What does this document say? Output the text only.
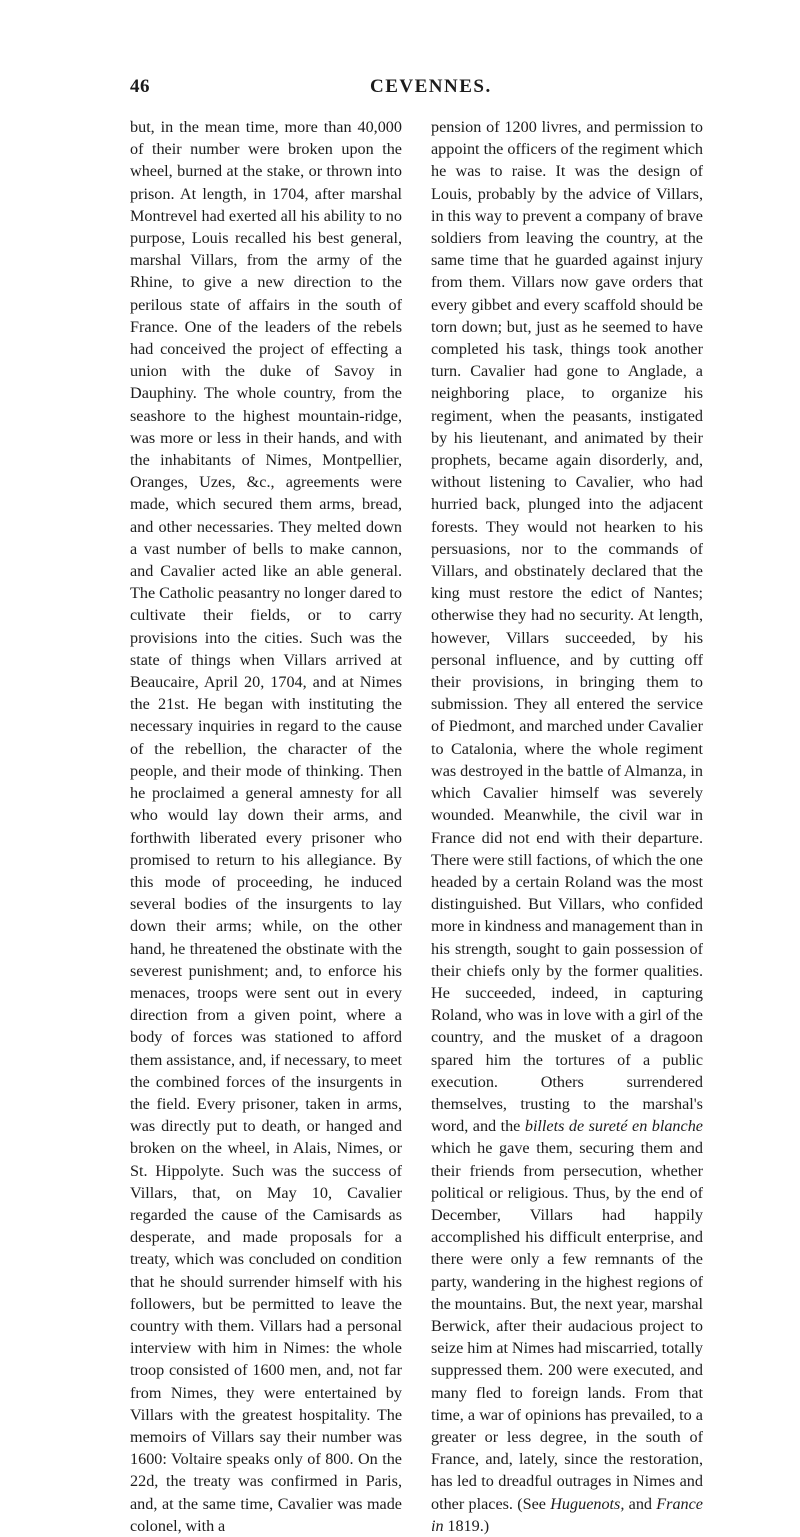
46	CEVENNES.

but, in the mean time, more than 40,000 of their number were broken upon the wheel, burned at the stake, or thrown into prison. At length, in 1704, after marshal Montrevel had exerted all his ability to no purpose, Louis recalled his best general, marshal Villars, from the army of the Rhine, to give a new direction to the perilous state of affairs in the south of France. One of the leaders of the rebels had conceived the project of effecting a union with the duke of Savoy in Dauphiny. The whole country, from the seashore to the highest mountain-ridge, was more or less in their hands, and with the inhabitants of Nimes, Montpellier, Oranges, Uzes, &c., agreements were made, which secured them arms, bread, and other necessaries. They melted down a vast number of bells to make cannon, and Cavalier acted like an able general. The Catholic peasantry no longer dared to cultivate their fields, or to carry provisions into the cities. Such was the state of things when Villars arrived at Beaucaire, April 20, 1704, and at Nimes the 21st. He began with instituting the necessary inquiries in regard to the cause of the rebellion, the character of the people, and their mode of thinking. Then he proclaimed a general amnesty for all who would lay down their arms, and forthwith liberated every prisoner who promised to return to his allegiance. By this mode of proceeding, he induced several bodies of the insurgents to lay down their arms; while, on the other hand, he threatened the obstinate with the severest punishment; and, to enforce his menaces, troops were sent out in every direction from a given point, where a body of forces was stationed to afford them assistance, and, if necessary, to meet the combined forces of the insurgents in the field. Every prisoner, taken in arms, was directly put to death, or hanged and broken on the wheel, in Alais, Nimes, or St. Hippolyte. Such was the success of Villars, that, on May 10, Cavalier regarded the cause of the Camisards as desperate, and made proposals for a treaty, which was concluded on condition that he should surrender himself with his followers, but be permitted to leave the country with them. Villars had a personal interview with him in Nimes: the whole troop consisted of 1600 men, and, not far from Nimes, they were entertained by Villars with the greatest hospitality. The memoirs of Villars say their number was 1600: Voltaire speaks only of 800. On the 22d, the treaty was confirmed in Paris, and, at the same time, Cavalier was made colonel, with a

pension of 1200 livres, and permission to appoint the officers of the regiment which he was to raise. It was the design of Louis, probably by the advice of Villars, in this way to prevent a company of brave soldiers from leaving the country, at the same time that he guarded against injury from them. Villars now gave orders that every gibbet and every scaffold should be torn down; but, just as he seemed to have completed his task, things took another turn. Cavalier had gone to Anglade, a neighboring place, to organize his regiment, when the peasants, instigated by his lieutenant, and animated by their prophets, became again disorderly, and, without listening to Cavalier, who had hurried back, plunged into the adjacent forests. They would not hearken to his persuasions, nor to the commands of Villars, and obstinately declared that the king must restore the edict of Nantes; otherwise they had no security. At length, however, Villars succeeded, by his personal influence, and by cutting off their provisions, in bringing them to submission. They all entered the service of Piedmont, and marched under Cavalier to Catalonia, where the whole regiment was destroyed in the battle of Almanza, in which Cavalier himself was severely wounded. Meanwhile, the civil war in France did not end with their departure. There were still factions, of which the one headed by a certain Roland was the most distinguished. But Villars, who confided more in kindness and management than in his strength, sought to gain possession of their chiefs only by the former qualities. He succeeded, indeed, in capturing Roland, who was in love with a girl of the country, and the musket of a dragoon spared him the tortures of a public execution. Others surrendered themselves, trusting to the marshal's word, and the billets de sureté en blanche which he gave them, securing them and their friends from persecution, whether political or religious. Thus, by the end of December, Villars had happily accomplished his difficult enterprise, and there were only a few remnants of the party, wandering in the highest regions of the mountains. But, the next year, marshal Berwick, after their audacious project to seize him at Nimes had miscarried, totally suppressed them. 200 were executed, and many fled to foreign lands. From that time, a war of opinions has prevailed, to a greater or less degree, in the south of France, and, lately, since the restoration, has led to dreadful outrages in Nimes and other places. (See Huguenots, and France in 1819.)
